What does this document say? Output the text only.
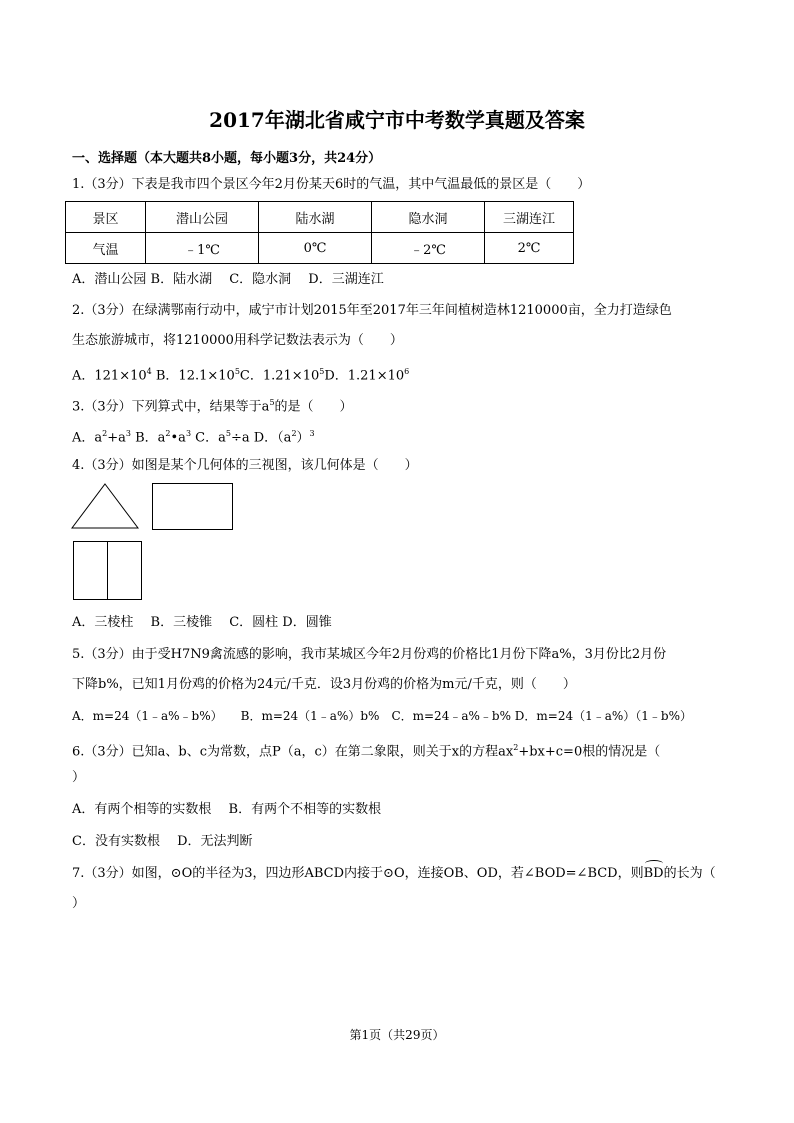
2017年湖北省咸宁市中考数学真题及答案
一、选择题（本大题共8小题，每小题3分，共24分）
1.（3分）下表是我市四个景区今年2月份某天6时的气温，其中气温最低的景区是（　　）
景区	潜山公园	陆水湖	隐水洞	三湖连江
气温	﹣1℃	0℃	﹣2℃	2℃
A．潜山公园 B．陆水湖　 C．隐水洞　 D．三湖连江
2.（3分）在绿满鄂南行动中，咸宁市计划2015年至2017年三年间植树造林1210000亩，全力打造绿色
生态旅游城市，将1210000用科学记数法表示为（　　）
A．$121\times 10^4$ B．$12.1\times 10^5C$．$1.21\times 10^5D$．$1.21\times 10^6$
3.（3分）下列算式中，结果等于$a^5$的是（　　）
A．$a^2+a^3$ B．$a^2•a^3$ C．$a^5\div a$ D．$(a^2)^3$
4.（3分）如图是某个几何体的三视图，该几何体是（　　）
A．三棱柱　 B．三棱锥　 C．圆柱 D．圆锥
5.（3分）由于受H7N9禽流感的影响，我市某城区今年2月份鸡的价格比1月份下降a%，3月份比2月份
下降b%，已知1月份鸡的价格为24元/千克．设3月份鸡的价格为m元/千克，则（　　）
A．m=24（1﹣a%﹣b%）　　B．m=24（1﹣a%）b%　C．m=24﹣a%﹣b% D．m=24（1﹣a%）（1﹣b%）
6.（3分）已知a、b、c为常数，点P（a，c）在第二象限，则关于x的方程$ax^2+bx+c=0$根的情况是（
）
A．有两个相等的实数根　 B．有两个不相等的实数根
C．没有实数根　 D．无法判断
7.（3分）如图，⊙O的半径为3，四边形ABCD内接于⊙O，连接OB、OD，若∠BOD=∠BCD，则BD的长为（
）
第1页（共29页）
